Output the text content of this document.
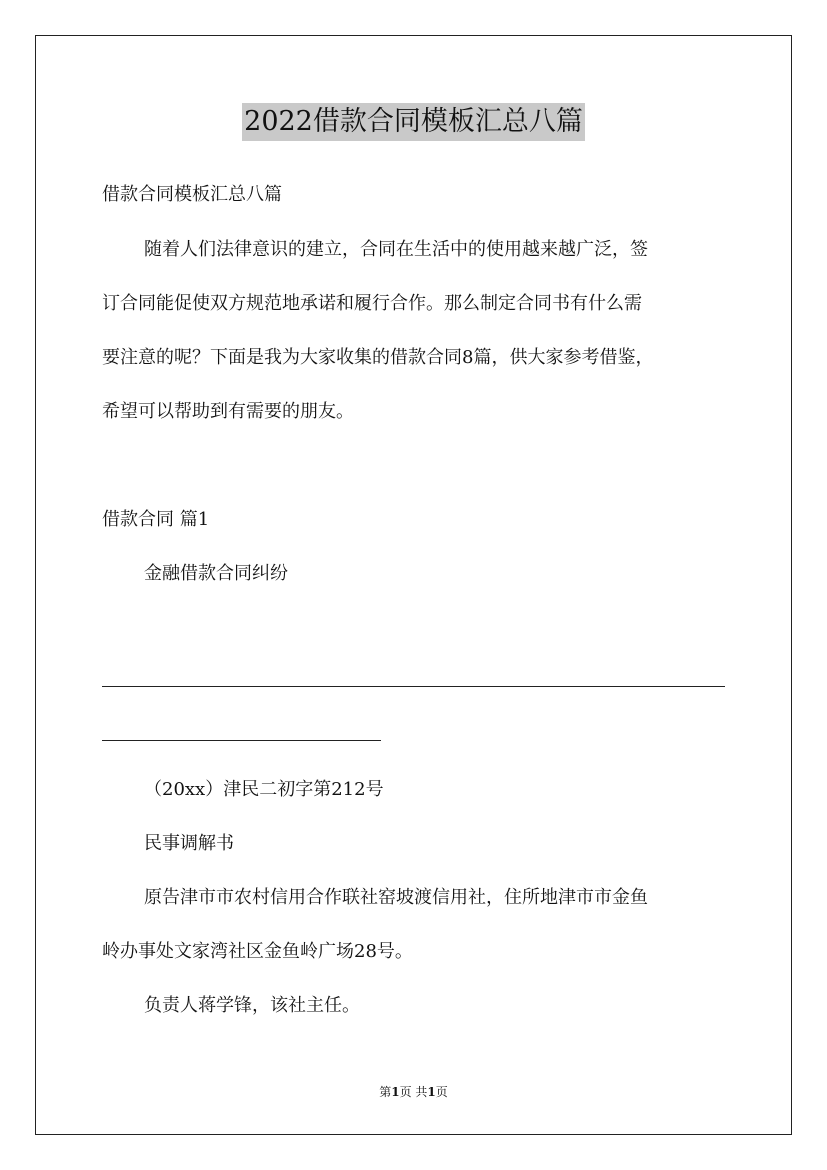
2022借款合同模板汇总八篇
借款合同模板汇总八篇
随着人们法律意识的建立，合同在生活中的使用越来越广泛，签
订合同能促使双方规范地承诺和履行合作。那么制定合同书有什么需
要注意的呢？下面是我为大家收集的借款合同8篇，供大家参考借鉴，
希望可以帮助到有需要的朋友。
借款合同 篇1
金融借款合同纠纷
（20xx）津民二初字第212号
民事调解书
原告津市市农村信用合作联社窑坡渡信用社，住所地津市市金鱼
岭办事处文家湾社区金鱼岭广场28号。
负责人蒋学锋，该社主任。
第1页 共1页
